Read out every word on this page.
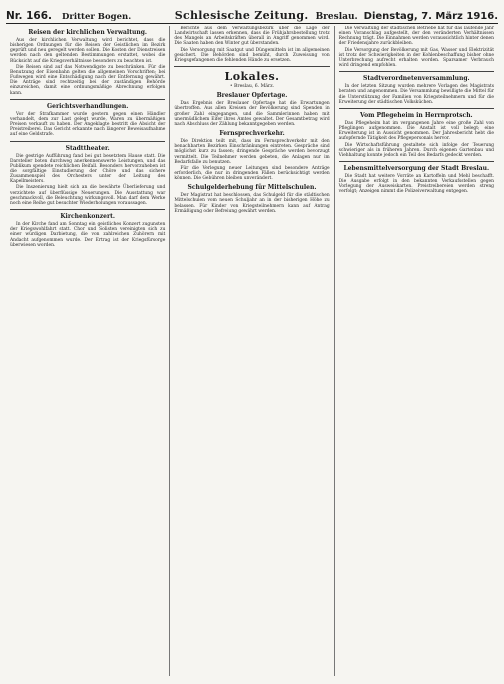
Nr. 166. Dritter Bogen.	Schlesische Zeitung. Breslau. Dienstag, 7. März 1916.
Reisen der kirchlichen Verwaltung.

Aus der kirchlichen Verwaltung wird berichtet, dass die bisherigen Ordnungen für die Reisen der Geistlichen im Bezirk geprüft und neu geregelt werden sollen. Die Kosten der Dienstreisen werden nach den geltenden Bestimmungen erstattet, wobei die Rücksicht auf die Kriegsverhältnisse besonders zu beachten ist.

Die Reisen sind auf das Notwendigste zu beschränken. Für die Benutzung der Eisenbahn gelten die allgemeinen Vorschriften; bei Fußwegen wird eine Entschädigung nach der Entfernung gewährt. Die Anträge sind rechtzeitig bei der zuständigen Behörde einzureichen, damit eine ordnungsmäßige Abrechnung erfolgen kann.

Gerichtsverhandlungen.

Vor der Strafkammer wurde gestern gegen einen Händler verhandelt, dem zur Last gelegt wurde, Waren zu übermäßigen Preisen verkauft zu haben. Der Angeklagte bestritt die Absicht der Preistreiberei. Das Gericht erkannte nach längerer Beweisaufnahme auf eine Geldstrafe.

Stadttheater.

Die gestrige Aufführung fand bei gut besetztem Hause statt. Die Darsteller boten durchweg anerkennenswerte Leistungen, und das Publikum spendete reichlichen Beifall. Besonders hervorzuheben ist die sorgfältige Einstudierung der Chöre und das sichere Zusammenspiel des Orchesters unter der Leitung des Kapellmeisters.

Die Inszenierung hielt sich an die bewährte Überlieferung und verzichtete auf überflüssige Neuerungen. Die Ausstattung war geschmackvoll, die Beleuchtung wirkungsvoll. Man darf dem Werke noch eine Reihe gut besuchter Wiederholungen voraussagen.

Kirchenkonzert.

In der Kirche fand am Sonntag ein geistliches Konzert zugunsten der Kriegswohlfahrt statt. Chor und Solisten vereinigten sich zu einer würdigen Darbietung, die von zahlreichen Zuhörern mit Andacht aufgenommen wurde. Der Ertrag ist der Kriegsfürsorge überwiesen worden.

Berichte aus dem Verwaltungsbezirk über die Lage der Landwirtschaft lassen erkennen, dass die Frühjahrsbestellung trotz des Mangels an Arbeitskräften überall in Angriff genommen wird. Die Saaten haben den Winter gut überstanden.

Die Versorgung mit Saatgut und Düngemitteln ist im allgemeinen gesichert. Die Behörden sind bemüht, durch Zuweisung von Kriegsgefangenen die fehlenden Hände zu ersetzen.

Lokales.
• Breslau, 6. März.
Breslauer Opfertage.

Das Ergebnis der Breslauer Opfertage hat die Erwartungen übertroffen. Aus allen Kreisen der Bevölkerung sind Spenden in großer Zahl eingegangen, und die Sammlerinnen haben mit unermüdlichem Eifer ihres Amtes gewaltet. Der Gesamtbetrag wird nach Abschluss der Zählung bekanntgegeben werden.

Fernsprechverkehr.

Die Direktion teilt mit, dass im Fernsprechverkehr mit den benachbarten Bezirken Einschränkungen eintreten. Gespräche sind möglichst kurz zu fassen; dringende Gespräche werden bevorzugt vermittelt. Die Teilnehmer werden gebeten, die Anlagen nur im Bedarfsfalle zu benutzen.

Für die Verlegung neuer Leitungen sind besondere Anträge erforderlich, die nur in dringenden Fällen berücksichtigt werden können. Die Gebühren bleiben unverändert.

Schulgelderhebung für Mittelschulen.

Der Magistrat hat beschlossen, das Schulgeld für die städtischen Mittelschulen vom neuen Schuljahr an in der bisherigen Höhe zu belassen. Für Kinder von Kriegsteilnehmern kann auf Antrag Ermäßigung oder Befreiung gewährt werden.

Die Verwaltung der städtischen Betriebe hat für das laufende Jahr einen Voranschlag aufgestellt, der den veränderten Verhältnissen Rechnung trägt. Die Einnahmen werden voraussichtlich hinter denen der Friedensjahre zurückbleiben.

Die Versorgung der Bevölkerung mit Gas, Wasser und Elektrizität ist trotz der Schwierigkeiten in der Kohlenbeschaffung bisher ohne Unterbrechung aufrecht erhalten worden. Sparsamer Verbrauch wird dringend empfohlen.

Stadtverordnetenversammlung.

In der letzten Sitzung wurden mehrere Vorlagen des Magistrats beraten und angenommen. Die Versammlung bewilligte die Mittel für die Unterstützung der Familien von Kriegsteilnehmern und für die Erweiterung der städtischen Volksküchen.

Vom Pflegeheim in Herrnprotsch.

Das Pflegeheim hat im vergangenen Jahre eine große Zahl von Pfleglingen aufgenommen. Die Anstalt ist voll belegt; eine Erweiterung ist in Aussicht genommen. Der Jahresbericht hebt die aufopfernde Tätigkeit des Pflegepersonals hervor.

Die Wirtschaftsführung gestaltete sich infolge der Teuerung schwieriger als in früheren Jahren. Durch eigenen Gartenbau und Viehhaltung konnte jedoch ein Teil des Bedarfs gedeckt werden.

Lebensmittelversorgung der Stadt Breslau.

Die Stadt hat weitere Vorräte an Kartoffeln und Mehl beschafft. Die Ausgabe erfolgt in den bekannten Verkaufsstellen gegen Vorlegung der Ausweiskarten. Preistreibereien werden streng verfolgt; Anzeigen nimmt die Polizeiverwaltung entgegen.
